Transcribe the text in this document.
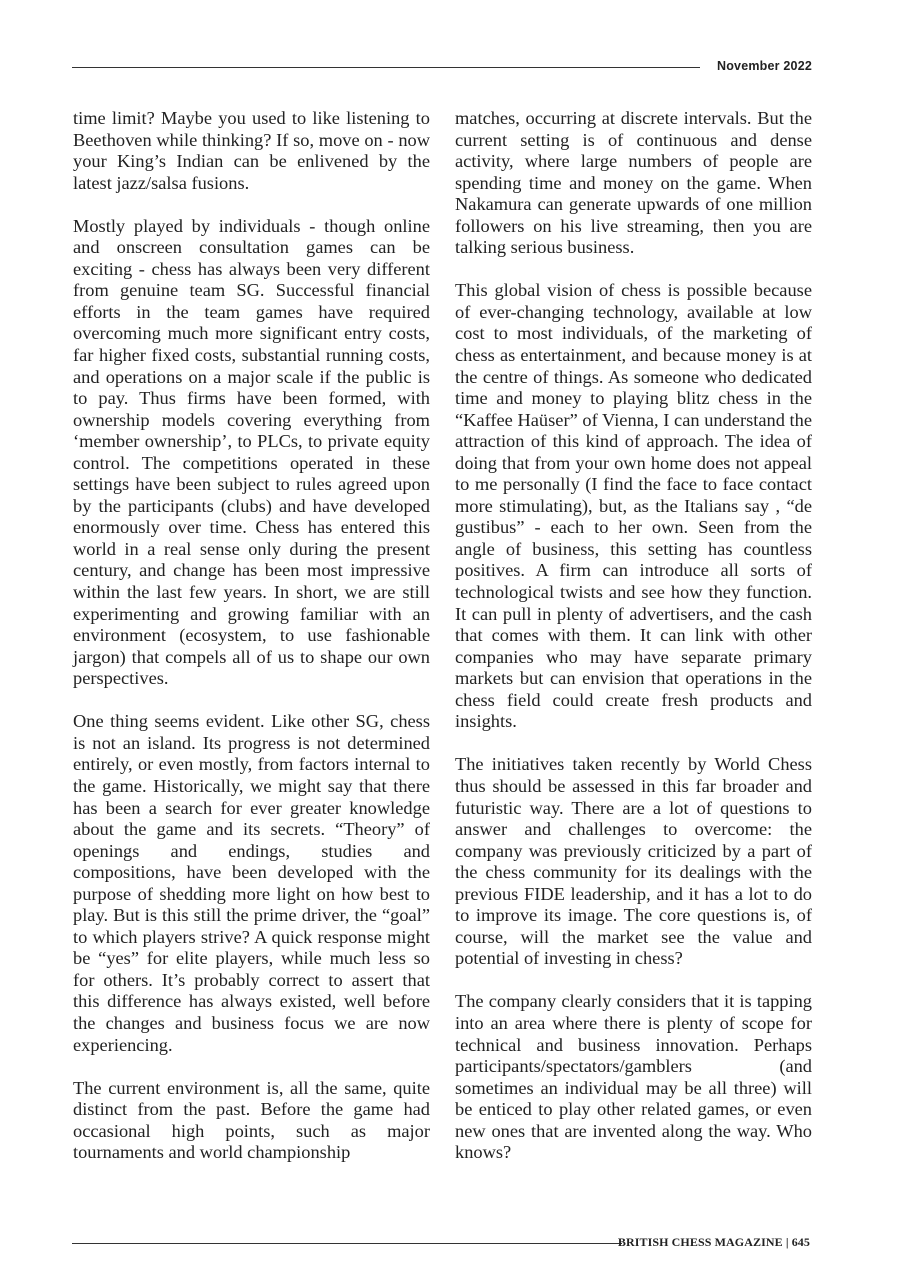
November 2022

time limit? Maybe you used to like listening to Beethoven while thinking? If so, move on - now your King’s Indian can be enlivened by the latest jazz/salsa fusions.

Mostly played by individuals - though online and onscreen consultation games can be exciting - chess has always been very different from genuine team SG. Successful financial efforts in the team games have required overcoming much more significant entry costs, far higher fixed costs, substantial running costs, and operations on a major scale if the public is to pay. Thus firms have been formed, with ownership models covering everything from ‘member ownership’, to PLCs, to private equity control. The competitions operated in these settings have been subject to rules agreed upon by the participants (clubs) and have developed enormously over time. Chess has entered this world in a real sense only during the present century, and change has been most impressive within the last few years. In short, we are still experimenting and growing familiar with an environment (ecosystem, to use fashionable jargon) that compels all of us to shape our own perspectives.

One thing seems evident. Like other SG, chess is not an island. Its progress is not determined entirely, or even mostly, from factors internal to the game. Historically, we might say that there has been a search for ever greater knowledge about the game and its secrets. “Theory” of openings and endings, studies and compositions, have been developed with the purpose of shedding more light on how best to play. But is this still the prime driver, the “goal” to which players strive? A quick response might be “yes” for elite players, while much less so for others. It’s probably correct to assert that this difference has always existed, well before the changes and business focus we are now experiencing.

The current environment is, all the same, quite distinct from the past. Before the game had occasional high points, such as major tournaments and world championship

matches, occurring at discrete intervals. But the current setting is of continuous and dense activity, where large numbers of people are spending time and money on the game. When Nakamura can generate upwards of one million followers on his live streaming, then you are talking serious business.

This global vision of chess is possible because of ever-changing technology, available at low cost to most individuals, of the marketing of chess as entertainment, and because money is at the centre of things. As someone who dedicated time and money to playing blitz chess in the “Kaffee Haüser” of Vienna, I can understand the attraction of this kind of approach. The idea of doing that from your own home does not appeal to me personally (I find the face to face contact more stimulating), but, as the Italians say , “de gustibus” - each to her own. Seen from the angle of business, this setting has countless positives. A firm can introduce all sorts of technological twists and see how they function. It can pull in plenty of advertisers, and the cash that comes with them. It can link with other companies who may have separate primary markets but can envision that operations in the chess field could create fresh products and insights.

The initiatives taken recently by World Chess thus should be assessed in this far broader and futuristic way. There are a lot of questions to answer and challenges to overcome: the company was previously criticized by a part of the chess community for its dealings with the previous FIDE leadership, and it has a lot to do to improve its image. The core questions is, of course, will the market see the value and potential of investing in chess?

The company clearly considers that it is tapping into an area where there is plenty of scope for technical and business innovation. Perhaps participants/spectators/gamblers (and sometimes an individual may be all three) will be enticed to play other related games, or even new ones that are invented along the way. Who knows?

BRITISH CHESS MAGAZINE | 645
